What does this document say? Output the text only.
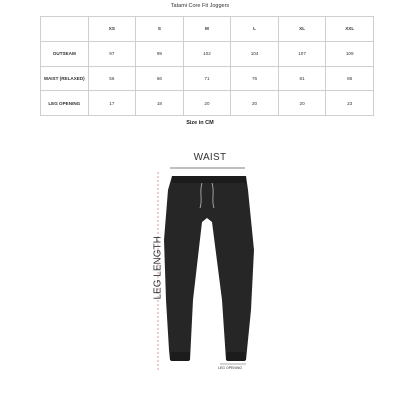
Tatami Core Fit Joggers
	XS	S	M	L	XL	XXL
OUTSEAM	97	99	102	104	107	109
WAIST (RELAXED)	56	66	71	76	81	86
LEG OPENING	17	18	20	20	20	23
Size in CM
WAIST
LEG LENGTH
LEG OPENING
